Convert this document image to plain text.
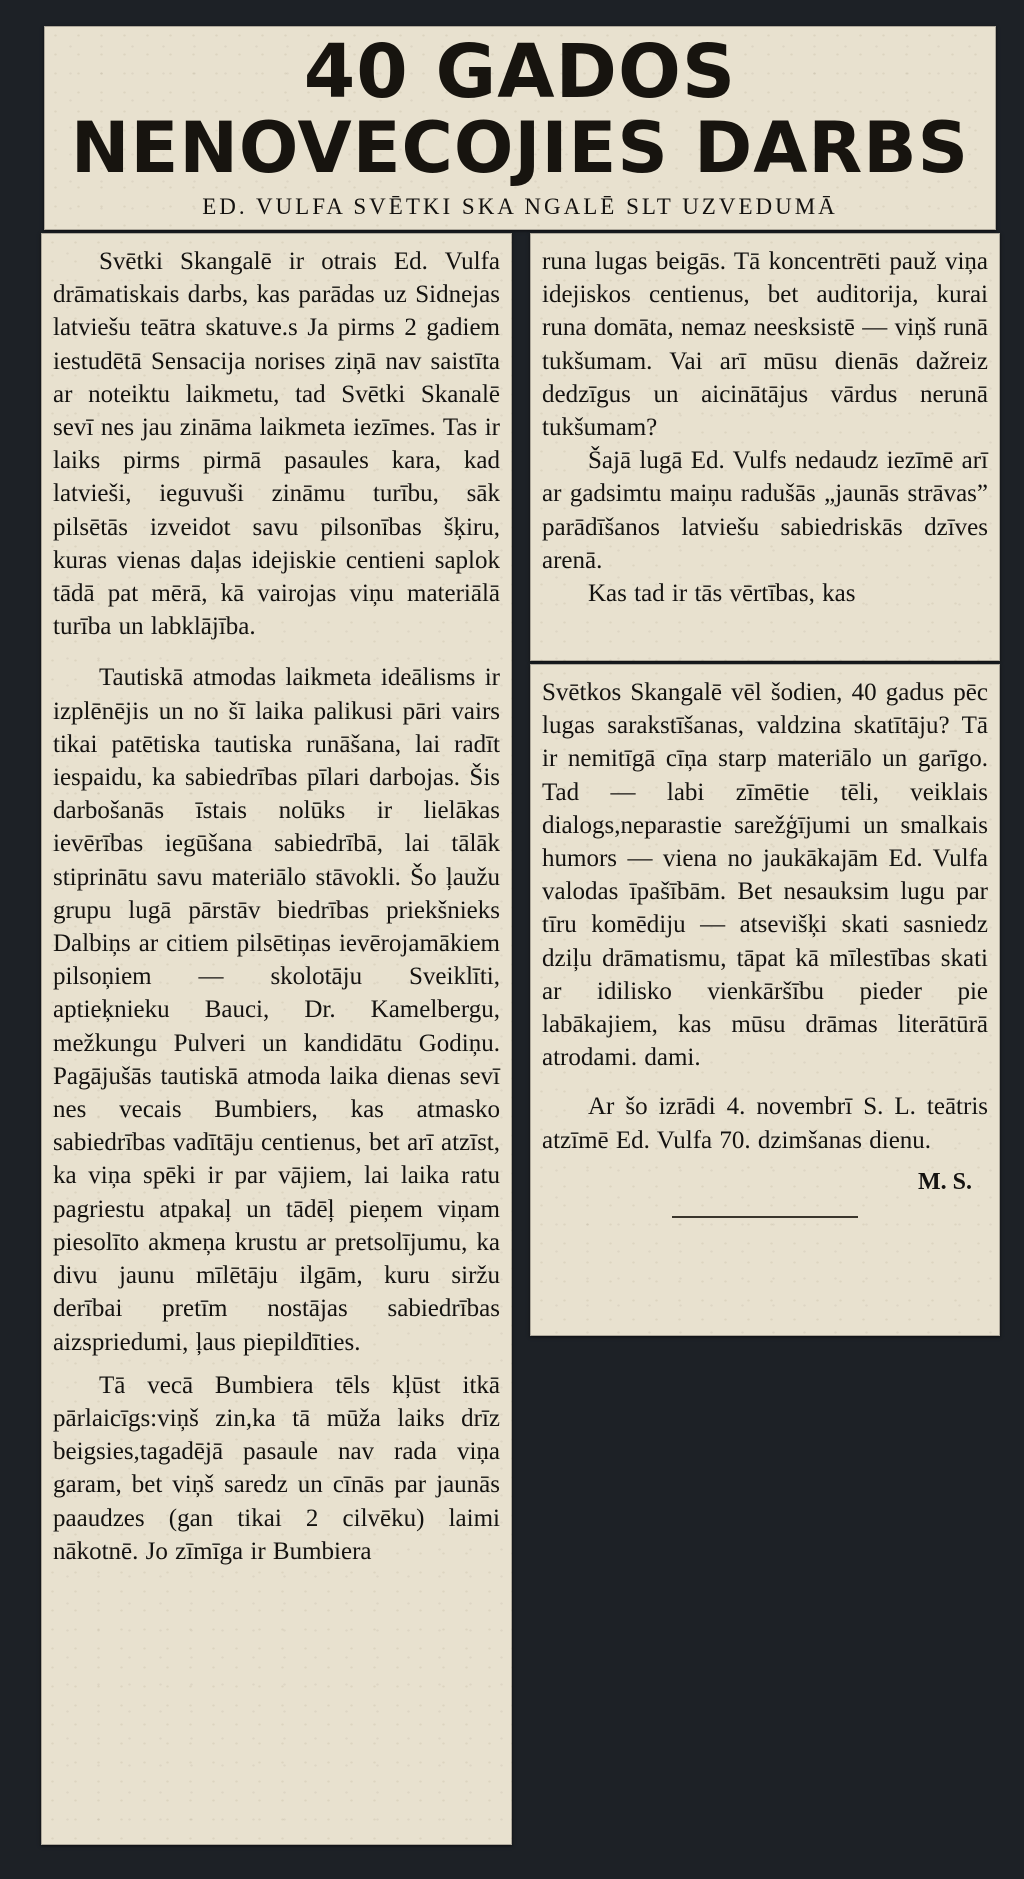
40 GADOS
NENOVECOJIES DARBS
ED. VULFA SVĒTKI SKA NGALĒ SLT UZVEDUMĀ

Svētki Skangalē ir otrais Ed. Vulfa drāmatiskais darbs, kas parādas uz Sidnejas latviešu teātra skatuve.s Ja pirms 2 gadiem iestudētā Sensacija norises ziņā nav saistīta ar noteiktu laikmetu, tad Svētki Skanalē sevī nes jau zināma laikmeta iezīmes. Tas ir laiks pirms pirmā pasaules kara, kad latvieši, ieguvuši zināmu turību, sāk pilsētās izveidot savu pilsonības šķiru, kuras vienas daļas idejiskie centieni saplok tādā pat mērā, kā vairojas viņu materiālā turība un labklājība.

Tautiskā atmodas laikmeta ideālisms ir izplēnējis un no šī laika palikusi pāri vairs tikai patētiska tautiska runāšana, lai radīt iespaidu, ka sabiedrības pīlari darbojas. Šis darbošanās īstais nolūks ir lielākas ievērības iegūšana sabiedrībā, lai tālāk stiprinātu savu materiālo stāvokli. Šo ļaužu grupu lugā pārstāv biedrības priekšnieks Dalbiņs ar citiem pilsētiņas ievērojamākiem pilsoņiem — skolotāju Sveiklīti, aptieķnieku Bauci, Dr. Kamelbergu, mežkungu Pulveri un kandidātu Godiņu. Pagājušās tautiskā atmoda laika dienas sevī nes vecais Bumbiers, kas atmasko sabiedrības vadītāju centienus, bet arī atzīst, ka viņa spēki ir par vājiem, lai laika ratu pagriestu atpakaļ un tādēļ pieņem viņam piesolīto akmeņa krustu ar pretsolījumu, ka divu jaunu mīlētāju ilgām, kuru siržu derībai pretīm nostājas sabiedrības aizspriedumi, ļaus piepildīties.

Tā vecā Bumbiera tēls kļūst itkā pārlaicīgs:viņš zin,ka tā mūža laiks drīz beigsies,tagadējā pasaule nav rada viņa garam, bet viņš saredz un cīnās par jaunās paaudzes (gan tikai 2 cilvēku) laimi nākotnē. Jo zīmīga ir Bumbiera

runa lugas beigās. Tā koncentrēti pauž viņa idejiskos centienus, bet auditorija, kurai runa domāta, nemaz neesksistē — viņš runā tukšumam. Vai arī mūsu dienās dažreiz dedzīgus un aicinātājus vārdus nerunā tukšumam?

Šajā lugā Ed. Vulfs nedaudz iezīmē arī ar gadsimtu maiņu radušās „jaunās strāvas” parādīšanos latviešu sabiedriskās dzīves arenā.

Kas tad ir tās vērtības, kas

Svētkos Skangalē vēl šodien, 40 gadus pēc lugas sarakstīšanas, valdzina skatītāju? Tā ir nemitīgā cīņa starp materiālo un garīgo. Tad — labi zīmētie tēli, veiklais dialogs,neparastie sarežģījumi un smalkais humors — viena no jaukākajām Ed. Vulfa valodas īpašībām. Bet nesauksim lugu par tīru komēdiju — atsevišķi skati sasniedz dziļu drāmatismu, tāpat kā mīlestības skati ar idilisko vienkāršību pieder pie labākajiem, kas mūsu drāmas literātūrā atrodami. dami.

Ar šo izrādi 4. novembrī S. L. teātris atzīmē Ed. Vulfa 70. dzimšanas dienu.

M. S.
